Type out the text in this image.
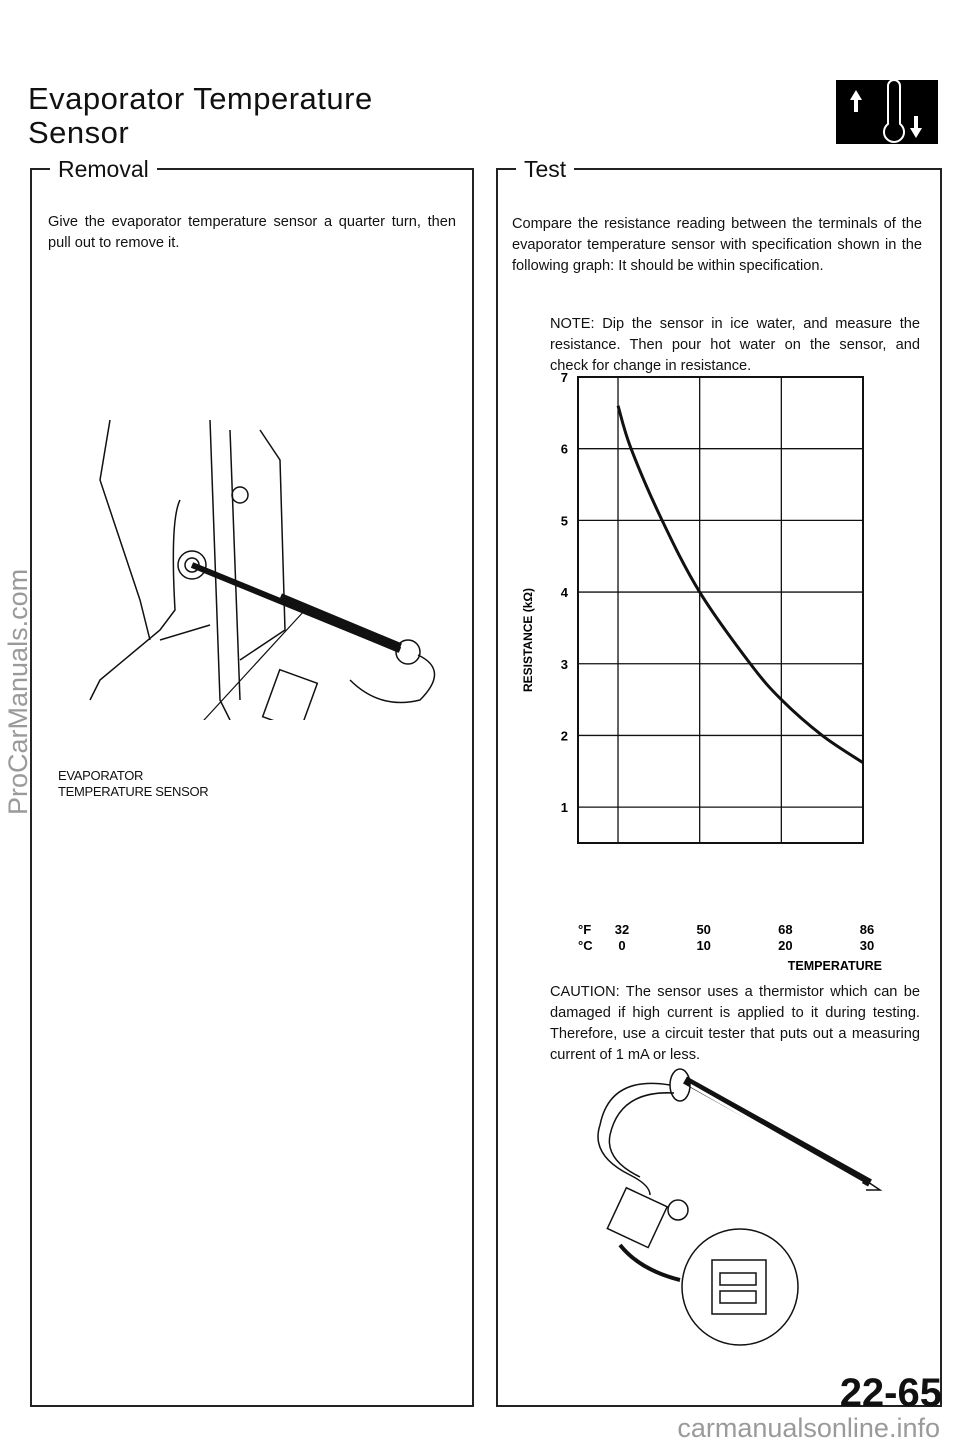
Evaporator Temperature
Sensor
Removal
Give the evaporator temperature sensor a quarter turn, then pull out to remove it.
EVAPORATOR
TEMPERATURE SENSOR
Test
Compare the resistance reading between the terminals of the evaporator temperature sensor with specification shown in the following graph: It should be within specification.
NOTE: Dip the sensor in ice water, and measure the resistance. Then pour hot water on the sensor, and check for change in resistance.
1
2
3
4
5
6
7
32
0
50
10
68
20
86
30
RESISTANCE (kΩ)
°F
°C
TEMPERATURE
CAUTION: The sensor uses a thermistor which can be damaged if high current is applied to it during testing. Therefore, use a circuit tester that puts out a measuring current of 1 mA or less.
22-65
carmanualsonline.info
ProCarManuals.com
